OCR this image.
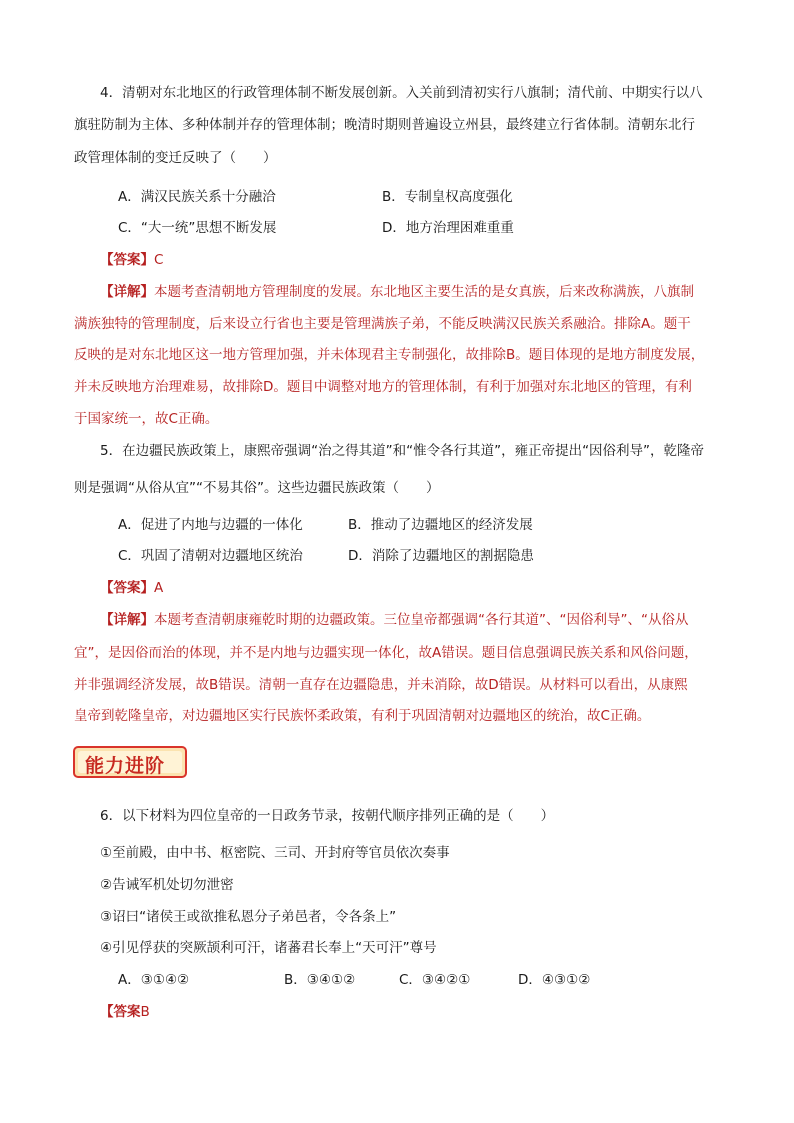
4．清朝对东北地区的行政管理体制不断发展创新。入关前到清初实行八旗制；清代前、中期实行以八
旗驻防制为主体、多种体制并存的管理体制；晚清时期则普遍设立州县，最终建立行省体制。清朝东北行
政管理体制的变迁反映了（　　）
A．满汉民族关系十分融洽	B．专制皇权高度强化
C．“大一统”思想不断发展	D．地方治理困难重重
【答案】C
【详解】本题考查清朝地方管理制度的发展。东北地区主要生活的是女真族，后来改称满族，八旗制
满族独特的管理制度，后来设立行省也主要是管理满族子弟，不能反映满汉民族关系融洽。排除A。题干
反映的是对东北地区这一地方管理加强，并未体现君主专制强化，故排除B。题目体现的是地方制度发展，
并未反映地方治理难易，故排除D。题目中调整对地方的管理体制，有利于加强对东北地区的管理，有利
于国家统一，故C正确。
5．在边疆民族政策上，康熙帝强调“治之得其道”和“惟令各行其道”，雍正帝提出“因俗利导”，乾隆帝
则是强调“从俗从宜”“不易其俗”。这些边疆民族政策（　　）
A．促进了内地与边疆的一体化	B．推动了边疆地区的经济发展
C．巩固了清朝对边疆地区统治	D．消除了边疆地区的割据隐患
【答案】A
【详解】本题考查清朝康雍乾时期的边疆政策。三位皇帝都强调“各行其道”、“因俗利导”、“从俗从
宜”，是因俗而治的体现，并不是内地与边疆实现一体化，故A错误。题目信息强调民族关系和风俗问题，
并非强调经济发展，故B错误。清朝一直存在边疆隐患，并未消除，故D错误。从材料可以看出，从康熙
皇帝到乾隆皇帝，对边疆地区实行民族怀柔政策，有利于巩固清朝对边疆地区的统治，故C正确。
能力进阶
6．以下材料为四位皇帝的一日政务节录，按朝代顺序排列正确的是（　　）
①至前殿，由中书、枢密院、三司、开封府等官员依次奏事
②告诫军机处切勿泄密
③诏曰“诸侯王或欲推私恩分子弟邑者，令各条上”
④引见俘获的突厥颉利可汗，诸蕃君长奉上“天可汗”尊号
A．③①④②	B．③④①②	C．③④②①	D．④③①②
【答案B
